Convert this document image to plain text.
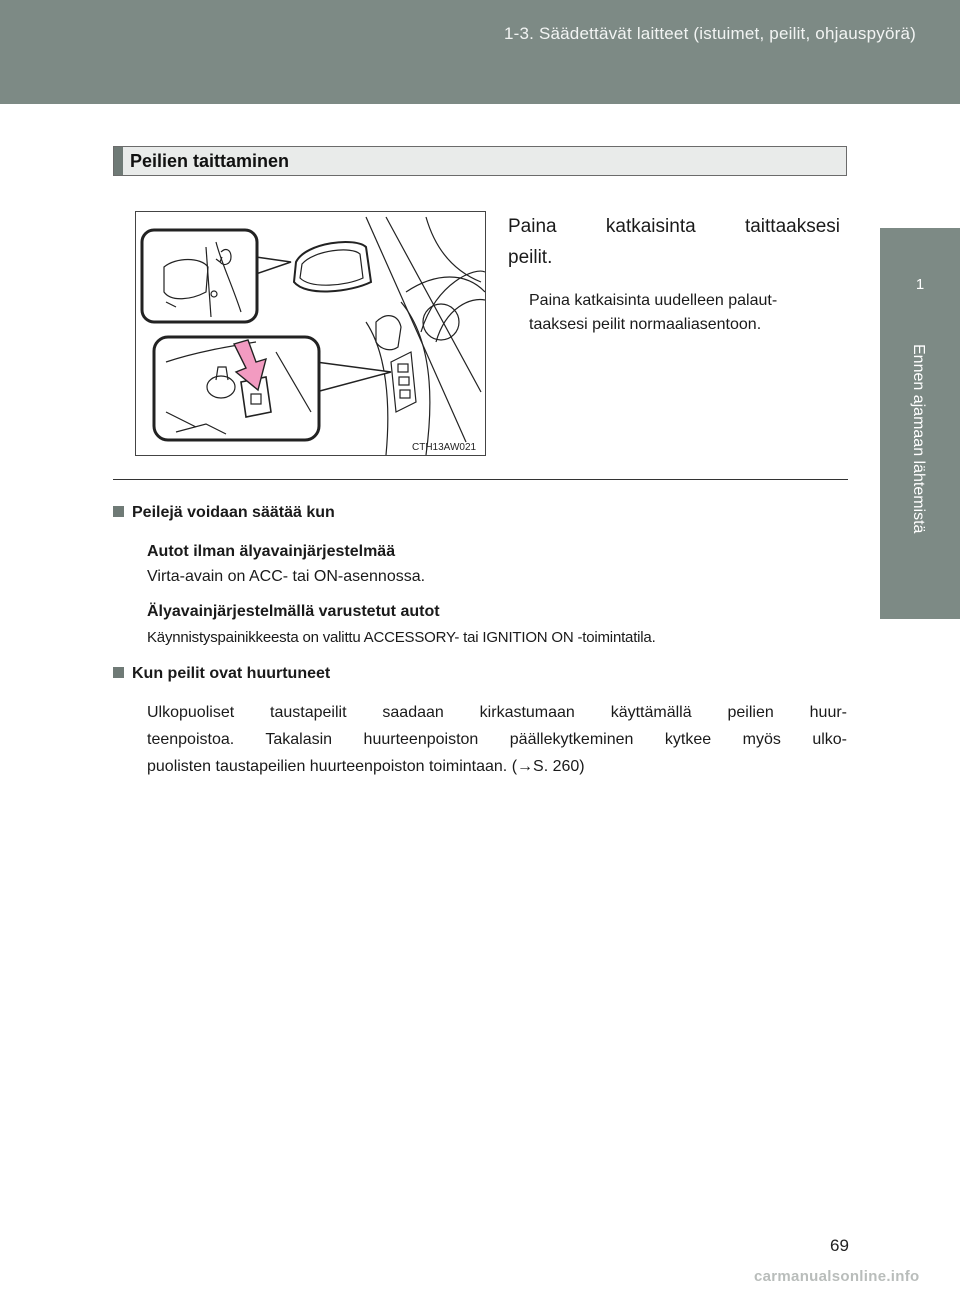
1-3. Säädettävät laitteet (istuimet, peilit, ohjauspyörä)
1
Ennen ajamaan lähtemistä
Peilien taittaminen
CTH13AW021
Paina	katkaisinta	taittaaksesi
peilit.
Paina katkaisinta uudelleen palaut-
taaksesi peilit normaaliasentoon.
Peilejä voidaan säätää kun
Autot ilman älyavainjärjestelmää
Virta-avain on ACC- tai ON-asennossa.
Älyavainjärjestelmällä varustetut autot
Käynnistyspainikkeesta on valittu ACCESSORY- tai IGNITION ON -toimintatila.
Kun peilit ovat huurtuneet
Ulkopuoliset taustapeilit saadaan kirkastumaan käyttämällä peilien huur-
teenpoistoa. Takalasin huurteenpoiston päällekytkeminen kytkee myös ulko-
puolisten taustapeilien huurteenpoiston toimintaan. (→S. 260)
69
carmanualsonline.info
